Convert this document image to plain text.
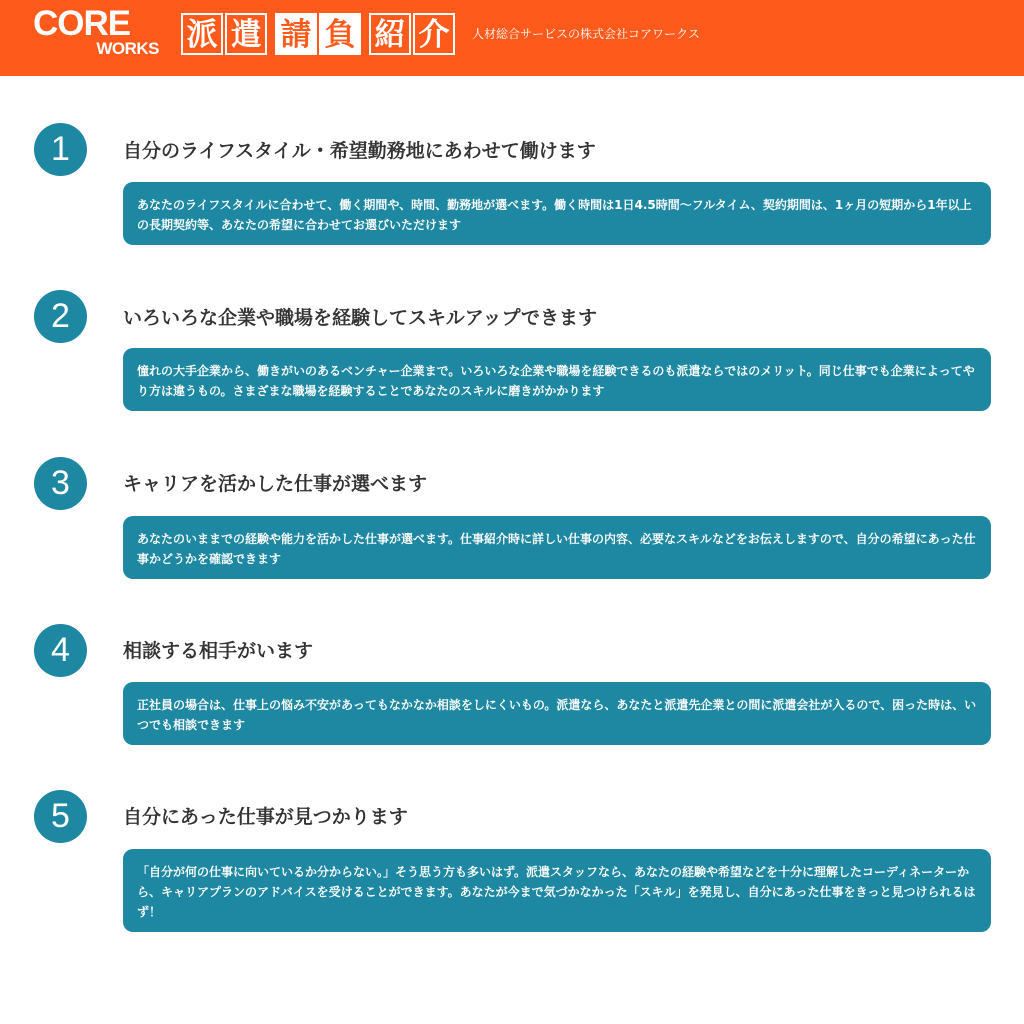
CORE
WORKS 派 遣 請 負 紹 介	人材総合サービスの株式会社コアワークス
1	自分のライフスタイル・希望勤務地にあわせて働けます
あなたのライフスタイルに合わせて、働く期間や、時間、勤務地が選べます。働く時間は1日4.5時間〜フルタイム、契約期間は、1ヶ月の短期から1年以上の長期契約等、あなたの希望に合わせてお選びいただけます
2	いろいろな企業や職場を経験してスキルアップできます
憧れの大手企業から、働きがいのあるベンチャー企業まで。いろいろな企業や職場を経験できるのも派遣ならではのメリット。同じ仕事でも企業によってやり方は違うもの。さまざまな職場を経験することであなたのスキルに磨きがかかります
3	キャリアを活かした仕事が選べます
あなたのいままでの経験や能力を活かした仕事が選べます。仕事紹介時に詳しい仕事の内容、必要なスキルなどをお伝えしますので、自分の希望にあった仕事かどうかを確認できます
4	相談する相手がいます
正社員の場合は、仕事上の悩み不安があってもなかなか相談をしにくいもの。派遣なら、あなたと派遣先企業との間に派遣会社が入るので、困った時は、いつでも相談できます
5	自分にあった仕事が見つかります
「自分が何の仕事に向いているか分からない。」そう思う方も多いはず。派遣スタッフなら、あなたの経験や希望などを十分に理解したコーディネーターから、キャリアプランのアドバイスを受けることができます。あなたが今まで気づかなかった「スキル」を発見し、自分にあった仕事をきっと見つけられるはず！
